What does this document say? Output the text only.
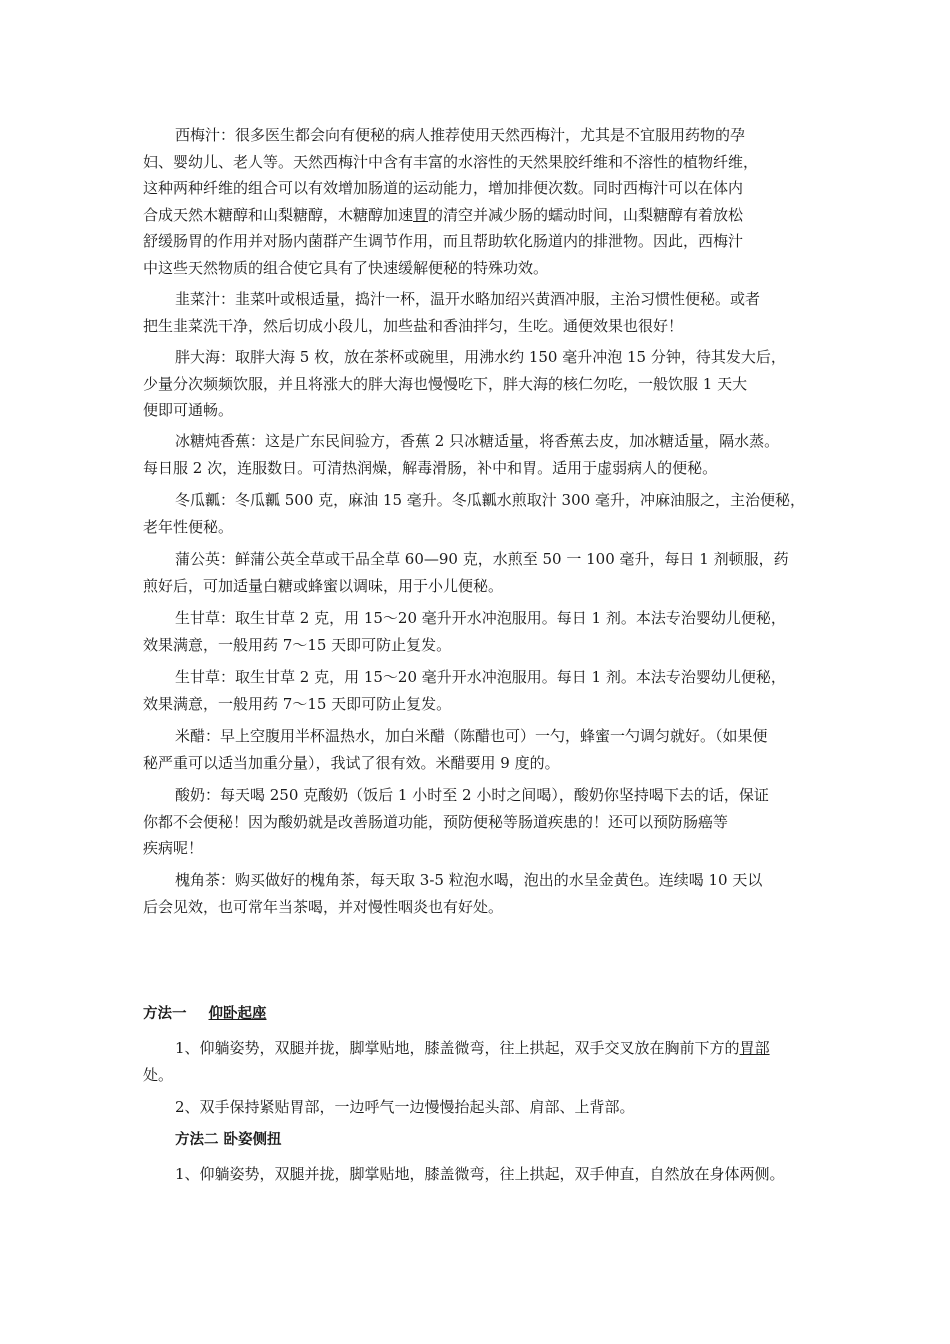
西梅汁：很多医生都会向有便秘的病人推荐使用天然西梅汁，尤其是不宜服用药物的孕
妇、婴幼儿、老人等。天然西梅汁中含有丰富的水溶性的天然果胶纤维和不溶性的植物纤维，
这种两种纤维的组合可以有效增加肠道的运动能力，增加排便次数。同时西梅汁可以在体内
合成天然木糖醇和山梨糖醇，木糖醇加速胃的清空并减少肠的蠕动时间，山梨糖醇有着放松
舒缓肠胃的作用并对肠内菌群产生调节作用，而且帮助软化肠道内的排泄物。因此，西梅汁
中这些天然物质的组合使它具有了快速缓解便秘的特殊功效。
韭菜汁：韭菜叶或根适量，捣汁一杯，温开水略加绍兴黄酒冲服，主治习惯性便秘。或者
把生韭菜洗干净，然后切成小段儿，加些盐和香油拌匀，生吃。通便效果也很好！
胖大海：取胖大海 5 枚，放在茶杯或碗里，用沸水约 150 毫升冲泡 15 分钟，待其发大后，
少量分次频频饮服，并且将涨大的胖大海也慢慢吃下，胖大海的核仁勿吃，一般饮服 1 天大
便即可通畅。
冰糖炖香蕉：这是广东民间验方，香蕉 2 只冰糖适量，将香蕉去皮，加冰糖适量，隔水蒸。
每日服 2 次，连服数日。可清热润燥，解毒滑肠，补中和胃。适用于虚弱病人的便秘。
冬瓜瓤：冬瓜瓤 500 克，麻油 15 毫升。冬瓜瓤水煎取汁 300 毫升，冲麻油服之，主治便秘，
老年性便秘。
蒲公英：鲜蒲公英全草或干品全草 60—90 克，水煎至 50 一 100 毫升，每日 1 剂顿服，药
煎好后，可加适量白糖或蜂蜜以调味，用于小儿便秘。
生甘草：取生甘草 2 克，用 15～20 毫升开水冲泡服用。每日 1 剂。本法专治婴幼儿便秘，
效果满意，一般用药 7～15 天即可防止复发。
生甘草：取生甘草 2 克，用 15～20 毫升开水冲泡服用。每日 1 剂。本法专治婴幼儿便秘，
效果满意，一般用药 7～15 天即可防止复发。
米醋：早上空腹用半杯温热水，加白米醋（陈醋也可）一勺，蜂蜜一勺调匀就好。（如果便
秘严重可以适当加重分量），我试了很有效。米醋要用 9 度的。
酸奶：每天喝 250 克酸奶（饭后 1 小时至 2 小时之间喝），酸奶你坚持喝下去的话，保证
你都不会便秘！因为酸奶就是改善肠道功能，预防便秘等肠道疾患的！还可以预防肠癌等
疾病呢！
槐角茶：购买做好的槐角茶，每天取 3-5 粒泡水喝，泡出的水呈金黄色。连续喝 10 天以
后会见效，也可常年当茶喝，并对慢性咽炎也有好处。
方法一 仰卧起座
1、仰躺姿势，双腿并拢，脚掌贴地，膝盖微弯，往上拱起，双手交叉放在胸前下方的胃部
处。
2、双手保持紧贴胃部，一边呼气一边慢慢抬起头部、肩部、上背部。
方法二 卧姿侧扭
1、仰躺姿势，双腿并拢，脚掌贴地，膝盖微弯，往上拱起，双手伸直，自然放在身体两侧。
